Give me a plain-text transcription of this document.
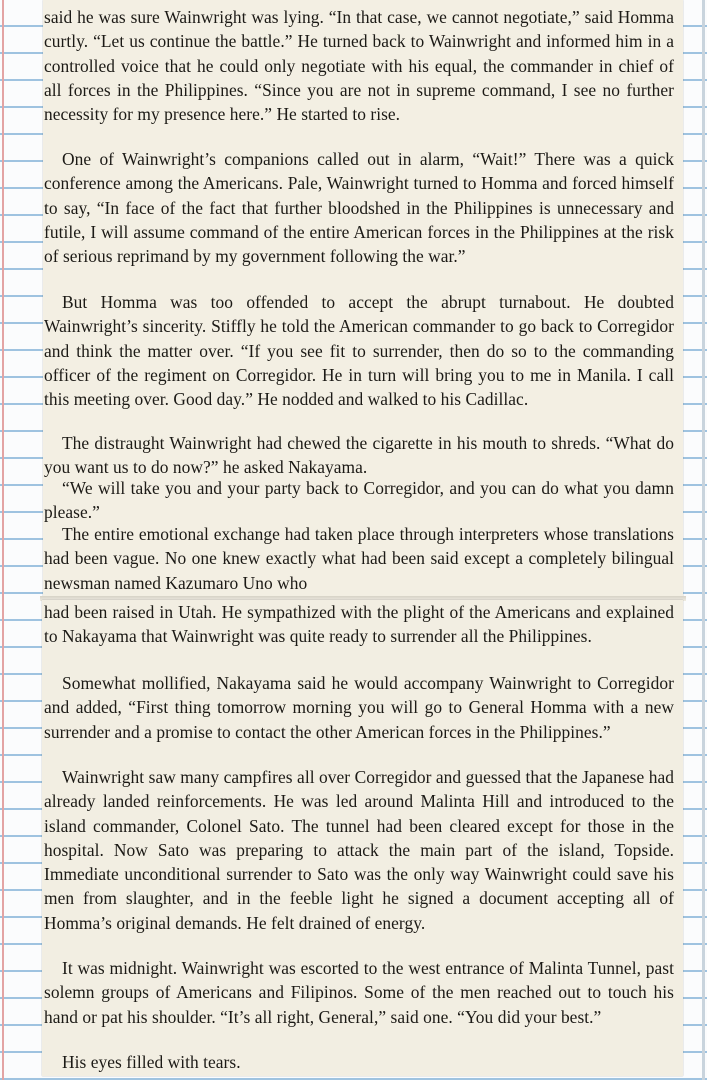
said he was sure Wainwright was lying. “In that case, we cannot negotiate,” said Homma curtly. “Let us continue the battle.” He turned back to Wainwright and informed him in a controlled voice that he could only negotiate with his equal, the commander in chief of all forces in the Philippines. “Since you are not in supreme command, I see no further necessity for my presence here.” He started to rise.

One of Wainwright’s companions called out in alarm, “Wait!” There was a quick conference among the Americans. Pale, Wainwright turned to Homma and forced himself to say, “In face of the fact that further bloodshed in the Philippines is unnecessary and futile, I will assume command of the entire American forces in the Philippines at the risk of serious reprimand by my government following the war.”

But Homma was too offended to accept the abrupt turnabout. He doubted Wainwright’s sincerity. Stiffly he told the American commander to go back to Corregidor and think the matter over. “If you see fit to surrender, then do so to the commanding officer of the regiment on Corregidor. He in turn will bring you to me in Manila. I call this meeting over. Good day.” He nodded and walked to his Cadillac.

The distraught Wainwright had chewed the cigarette in his mouth to shreds. “What do you want us to do now?” he asked Nakayama.

“We will take you and your party back to Corregidor, and you can do what you damn please.”

The entire emotional exchange had taken place through interpreters whose translations had been vague. No one knew exactly what had been said except a completely bilingual newsman named Kazumaro Uno who

had been raised in Utah. He sympathized with the plight of the Americans and explained to Nakayama that Wainwright was quite ready to surrender all the Philippines.

Somewhat mollified, Nakayama said he would accompany Wainwright to Corregidor and added, “First thing tomorrow morning you will go to General Homma with a new surrender and a promise to contact the other American forces in the Philippines.”

Wainwright saw many campfires all over Corregidor and guessed that the Japanese had already landed reinforcements. He was led around Malinta Hill and introduced to the island commander, Colonel Sato. The tunnel had been cleared except for those in the hospital. Now Sato was preparing to attack the main part of the island, Topside. Immediate unconditional surrender to Sato was the only way Wainwright could save his men from slaughter, and in the feeble light he signed a document accepting all of Homma’s original demands. He felt drained of energy.

It was midnight. Wainwright was escorted to the west entrance of Malinta Tunnel, past solemn groups of Americans and Filipinos. Some of the men reached out to touch his hand or pat his shoulder. “It’s all right, General,” said one. “You did your best.”

His eyes filled with tears.
